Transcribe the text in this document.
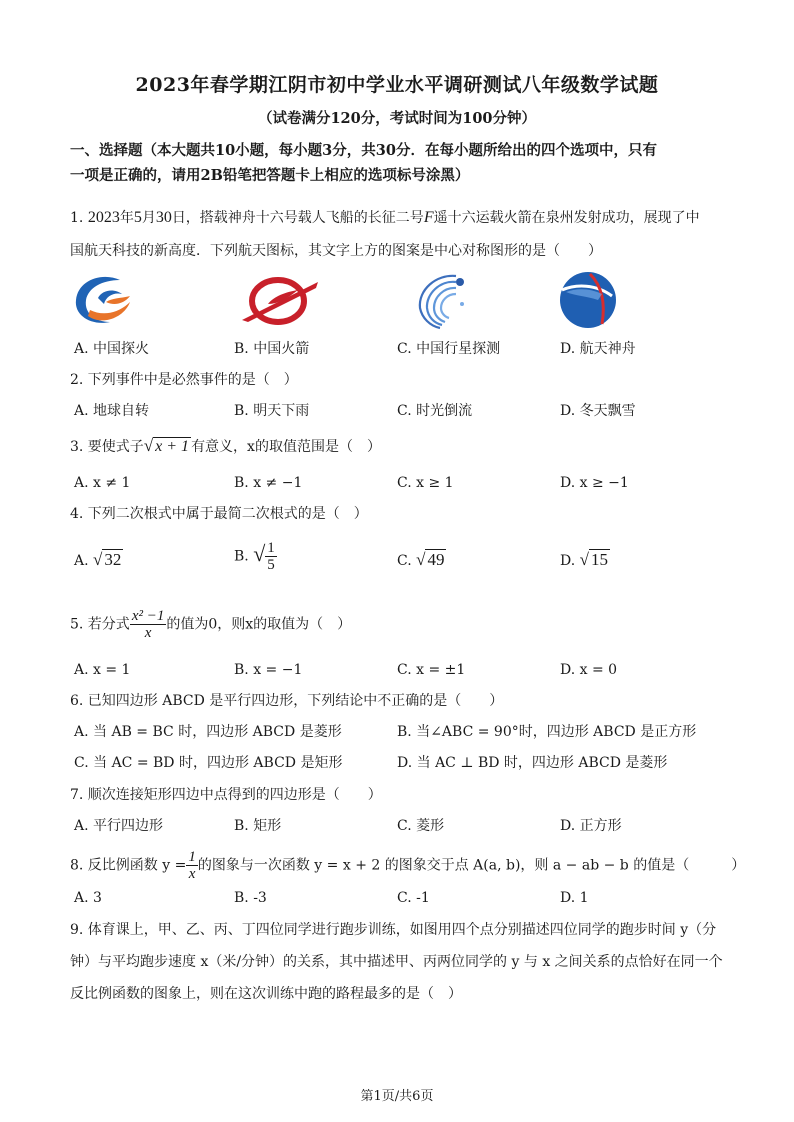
2023年春学期江阴市初中学业水平调研测试八年级数学试题
（试卷满分120分，考试时间为100分钟）
一、选择题（本大题共10小题，每小题3分，共30分．在每小题所给出的四个选项中，只有
一项是正确的，请用2B铅笔把答题卡上相应的选项标号涂黑）
1. 2023年5月30日，搭载神舟十六号载人飞船的长征二号F遥十六运载火箭在泉州发射成功，展现了中
国航天科技的新高度．下列航天图标，其文字上方的图案是中心对称图形的是（　　）
A. 中国探火	B. 中国火箭	C. 中国行星探测	D. 航天神舟
2. 下列事件中是必然事件的是（　）
A. 地球自转	B. 明天下雨	C. 时光倒流	D. 冬天飘雪
3. 要使式子√ x + 1 有意义，x的取值范围是（　）
A. x ≠ 1	B. x ≠ −1	C. x ≥ 1	D. x ≥ −1
4. 下列二次根式中属于最简二次根式的是（　）
A. √ 32	B. √ $\frac{1}{5}$	C. √ 49	D. √ 15
5. 若分式 $\frac{\text{x² −1}}{x}$ 的值为0，则x的取值为（　）
A. x = 1	B. x = −1	C. x = ±1	D. x = 0
6. 已知四边形 ABCD 是平行四边形，下列结论中不正确的是（　　）
A. 当 AB = BC 时，四边形 ABCD 是菱形	B. 当∠ABC = 90°时，四边形 ABCD 是正方形
C. 当 AC = BD 时，四边形 ABCD 是矩形	D. 当 AC ⊥ BD 时，四边形 ABCD 是菱形
7. 顺次连接矩形四边中点得到的四边形是（　　）
A. 平行四边形	B. 矩形	C. 菱形	D. 正方形
8. 反比例函数 $y = \frac{1}{x}$ 的图象与一次函数 y = x + 2 的图象交于点 A(a, b)，则 a − ab − b 的值是（　　　）
A. 3	B. -3	C. -1	D. 1
9. 体育课上，甲、乙、丙、丁四位同学进行跑步训练，如图用四个点分别描述四位同学的跑步时间 y（分
钟）与平均跑步速度 x（米/分钟）的关系，其中描述甲、丙两位同学的 y 与 x 之间关系的点恰好在同一个
反比例函数的图象上，则在这次训练中跑的路程最多的是（　）
第1页/共6页
